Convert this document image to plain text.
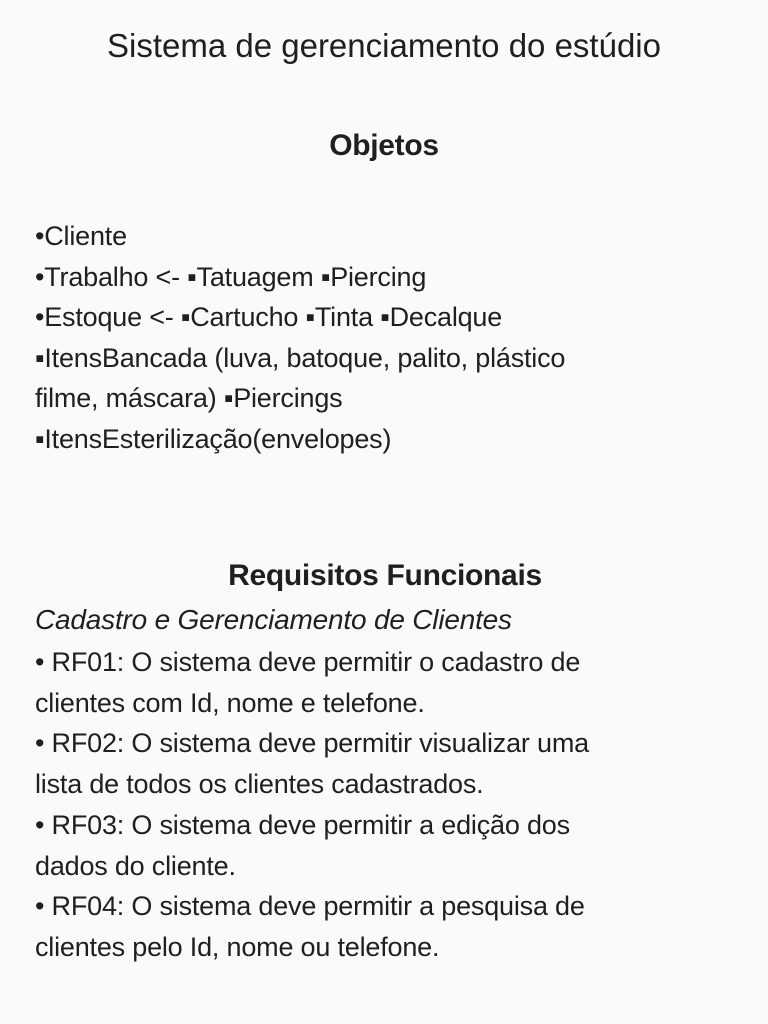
Sistema de gerenciamento do estúdio
Objetos
•Cliente
•Trabalho <- ▪Tatuagem ▪Piercing
•Estoque <- ▪Cartucho ▪Tinta ▪Decalque
▪ItensBancada (luva, batoque, palito, plástico
filme, máscara) ▪Piercings
▪ItensEsterilização(envelopes)
Requisitos Funcionais

Cadastro e Gerenciamento de Clientes

• RF01: O sistema deve permitir o cadastro de
clientes com Id, nome e telefone.
• RF02: O sistema deve permitir visualizar uma
lista de todos os clientes cadastrados.
• RF03: O sistema deve permitir a edição dos
dados do cliente.
• RF04: O sistema deve permitir a pesquisa de
clientes pelo Id, nome ou telefone.
